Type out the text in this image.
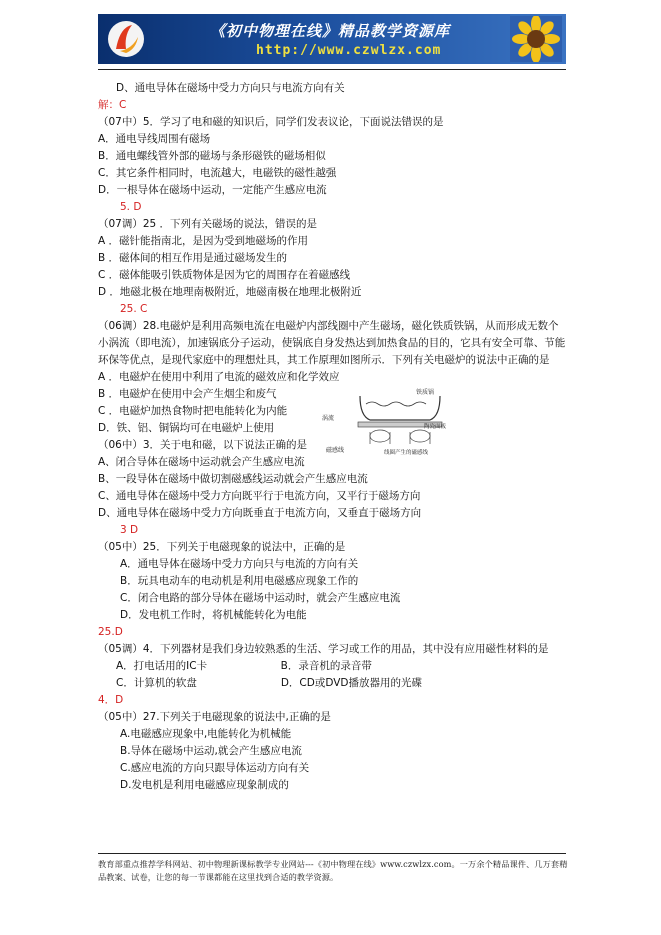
《初中物理在线》精品教学资源库
http://www.czwlzx.com
D、通电导体在磁场中受力方向只与电流方向有关
解：C
（07中）5．学习了电和磁的知识后，同学们发表议论，下面说法错误的是
A．通电导线周围有磁场
B．通电螺线管外部的磁场与条形磁铁的磁场相似
C．其它条件相同时，电流越大，电磁铁的磁性越强
D．一根导体在磁场中运动，一定能产生感应电流
5. D
（07调）25 ．下列有关磁场的说法，错误的是
A ．磁针能指南北，是因为受到地磁场的作用
B ．磁体间的相互作用是通过磁场发生的
C ．磁体能吸引铁质物体是因为它的周围存在着磁感线
D ．地磁北极在地理南极附近，地磁南极在地理北极附近
25. C
（06调）28.电磁炉是利用高频电流在电磁炉内部线圈中产生磁场，磁化铁质铁锅，从而形成无数个小涡流（即电流），加速锅底分子运动，使锅底自身发热达到加热食品的目的，它具有安全可靠、节能环保等优点，是现代家庭中的理想灶具，其工作原理如图所示．下列有关电磁炉的说法中正确的是
A ．电磁炉在使用中利用了电流的磁效应和化学效应
B ．电磁炉在使用中会产生烟尘和废气
C ．电磁炉加热食物时把电能转化为内能
D．铁、铝、铜锅均可在电磁炉上使用
（06中）3．关于电和磁，以下说法正确的是
A、闭合导体在磁场中运动就会产生感应电流
B、一段导体在磁场中做切割磁感线运动就会产生感应电流
C、通电导体在磁场中受力方向既平行于电流方向，又平行于磁场方向
D、通电导体在磁场中受力方向既垂直于电流方向，又垂直于磁场方向
3 D
（05中）25．下列关于电磁现象的说法中，正确的是
A．通电导体在磁场中受力方向只与电流的方向有关
B．玩具电动车的电动机是利用电磁感应现象工作的
C．闭合电路的部分导体在磁场中运动时，就会产生感应电流
D．发电机工作时，将机械能转化为电能
25.D
（05调）4．下列器材是我们身边较熟悉的生活、学习或工作的用品，其中没有应用磁性材料的是
A．打电话用的IC卡　　　　　　　B．录音机的录音带
C．计算机的软盘　　　　　　　　D．CD或DVD播放器用的光碟
4．D
（05中）27.下列关于电磁现象的说法中,正确的是
A.电磁感应现象中,电能转化为机械能
B.导体在磁场中运动,就会产生感应电流
C.感应电流的方向只跟导体运动方向有关
D.发电机是利用电磁感应现象制成的
铁质锅
陶瓷面板
涡流
磁感线	线圈产生的磁感线
教育部重点推荐学科网站、初中物理新课标教学专业网站---《初中物理在线》www.czwlzx.com。一万余个精品课件、几万套精品教案、试卷，让您的每一节课都能在这里找到合适的教学资源。
